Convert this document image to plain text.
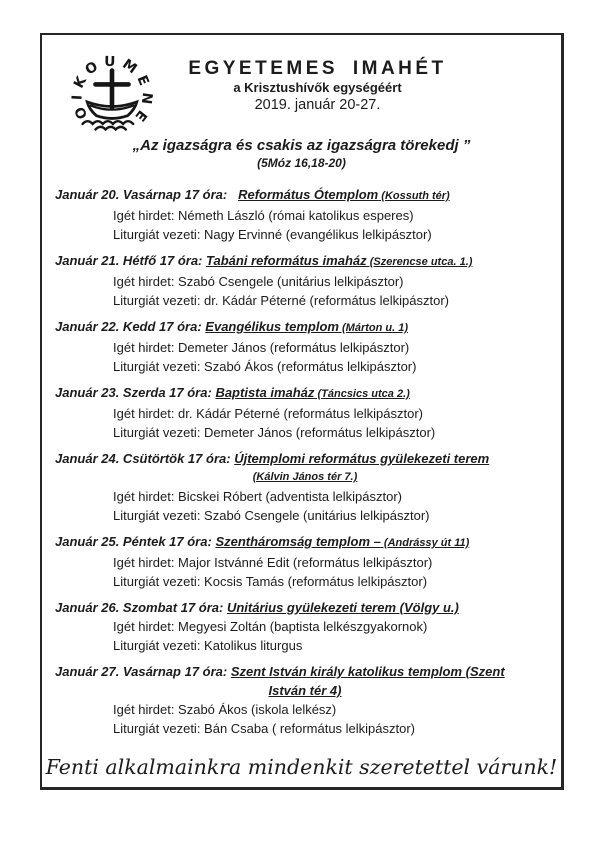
OIKOUMENE
EGYETEMES IMAHÉT
a Krisztushívők egységéért
2019. január 20-27.
„Az igazságra és csakis az igazságra törekedj ”
(5Móz 16,18-20)
Január 20. Vasárnap 17 óra:   Református Ótemplom (Kossuth tér)
Igét hirdet: Németh László (római katolikus esperes)
Liturgiát vezeti: Nagy Ervinné (evangélikus lelkipásztor)
Január 21. Hétfő 17 óra: Tabáni református imaház (Szerencse utca. 1.)
Igét hirdet: Szabó Csengele (unitárius lelkipásztor)
Liturgiát vezeti: dr. Kádár Péterné (református lelkipásztor)
Január 22. Kedd 17 óra: Evangélikus templom (Márton u. 1)
Igét hirdet: Demeter János (református lelkipásztor)
Liturgiát vezeti: Szabó Ákos (református lelkipásztor)
Január 23. Szerda 17 óra: Baptista imaház (Táncsics utca 2.)
Igét hirdet: dr. Kádár Péterné (református lelkipásztor)
Liturgiát vezeti: Demeter János (református lelkipásztor)
Január 24. Csütörtök 17 óra: Újtemplomi református gyülekezeti terem
(Kálvin János tér 7.)
Igét hirdet: Bicskei Róbert (adventista lelkipásztor)
Liturgiát vezeti: Szabó Csengele (unitárius lelkipásztor)
Január 25. Péntek 17 óra: Szentháromság templom – (Andrássy út 11)
Igét hirdet: Major Istvánné Edit (református lelkipásztor)
Liturgiát vezeti: Kocsis Tamás (református lelkipásztor)
Január 26. Szombat 17 óra: Unitárius gyülekezeti terem (Völgy u.)
Igét hirdet: Megyesi Zoltán (baptista lelkészgyakornok)
Liturgiát vezeti: Katolikus liturgus
Január 27. Vasárnap 17 óra: Szent István király katolikus templom (Szent
István tér 4)
Igét hirdet: Szabó Ákos (iskola lelkész)
Liturgiát vezeti: Bán Csaba ( református lelkipásztor)
Fenti alkalmainkra mindenkit szeretettel várunk!
